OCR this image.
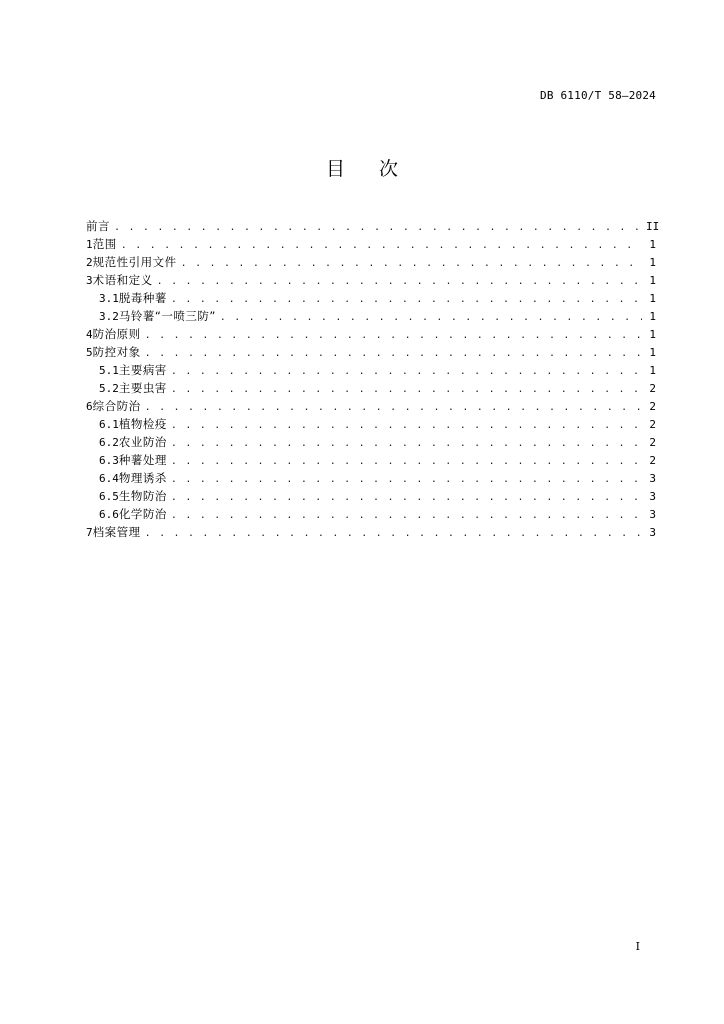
DB 6110/T 58—2024
目 次
前言 . . .	II
1 范围 . . .	1
2 规范性引用文件 . . .	1
3 术语和定义 . . .	1
3.1 脱毒种薯 . . .	1
3.2 马铃薯“一喷三防” . . .	1
4 防治原则 . . .	1
5 防控对象 . . .	1
5.1 主要病害 . . .	1
5.2 主要虫害 . . .	2
6 综合防治 . . .	2
6.1 植物检疫 . . .	2
6.2 农业防治 . . .	2
6.3 种薯处理 . . .	2
6.4 物理诱杀 . . .	3
6.5 生物防治 . . .	3
6.6 化学防治 . . .	3
7 档案管理 . . .	3
I
